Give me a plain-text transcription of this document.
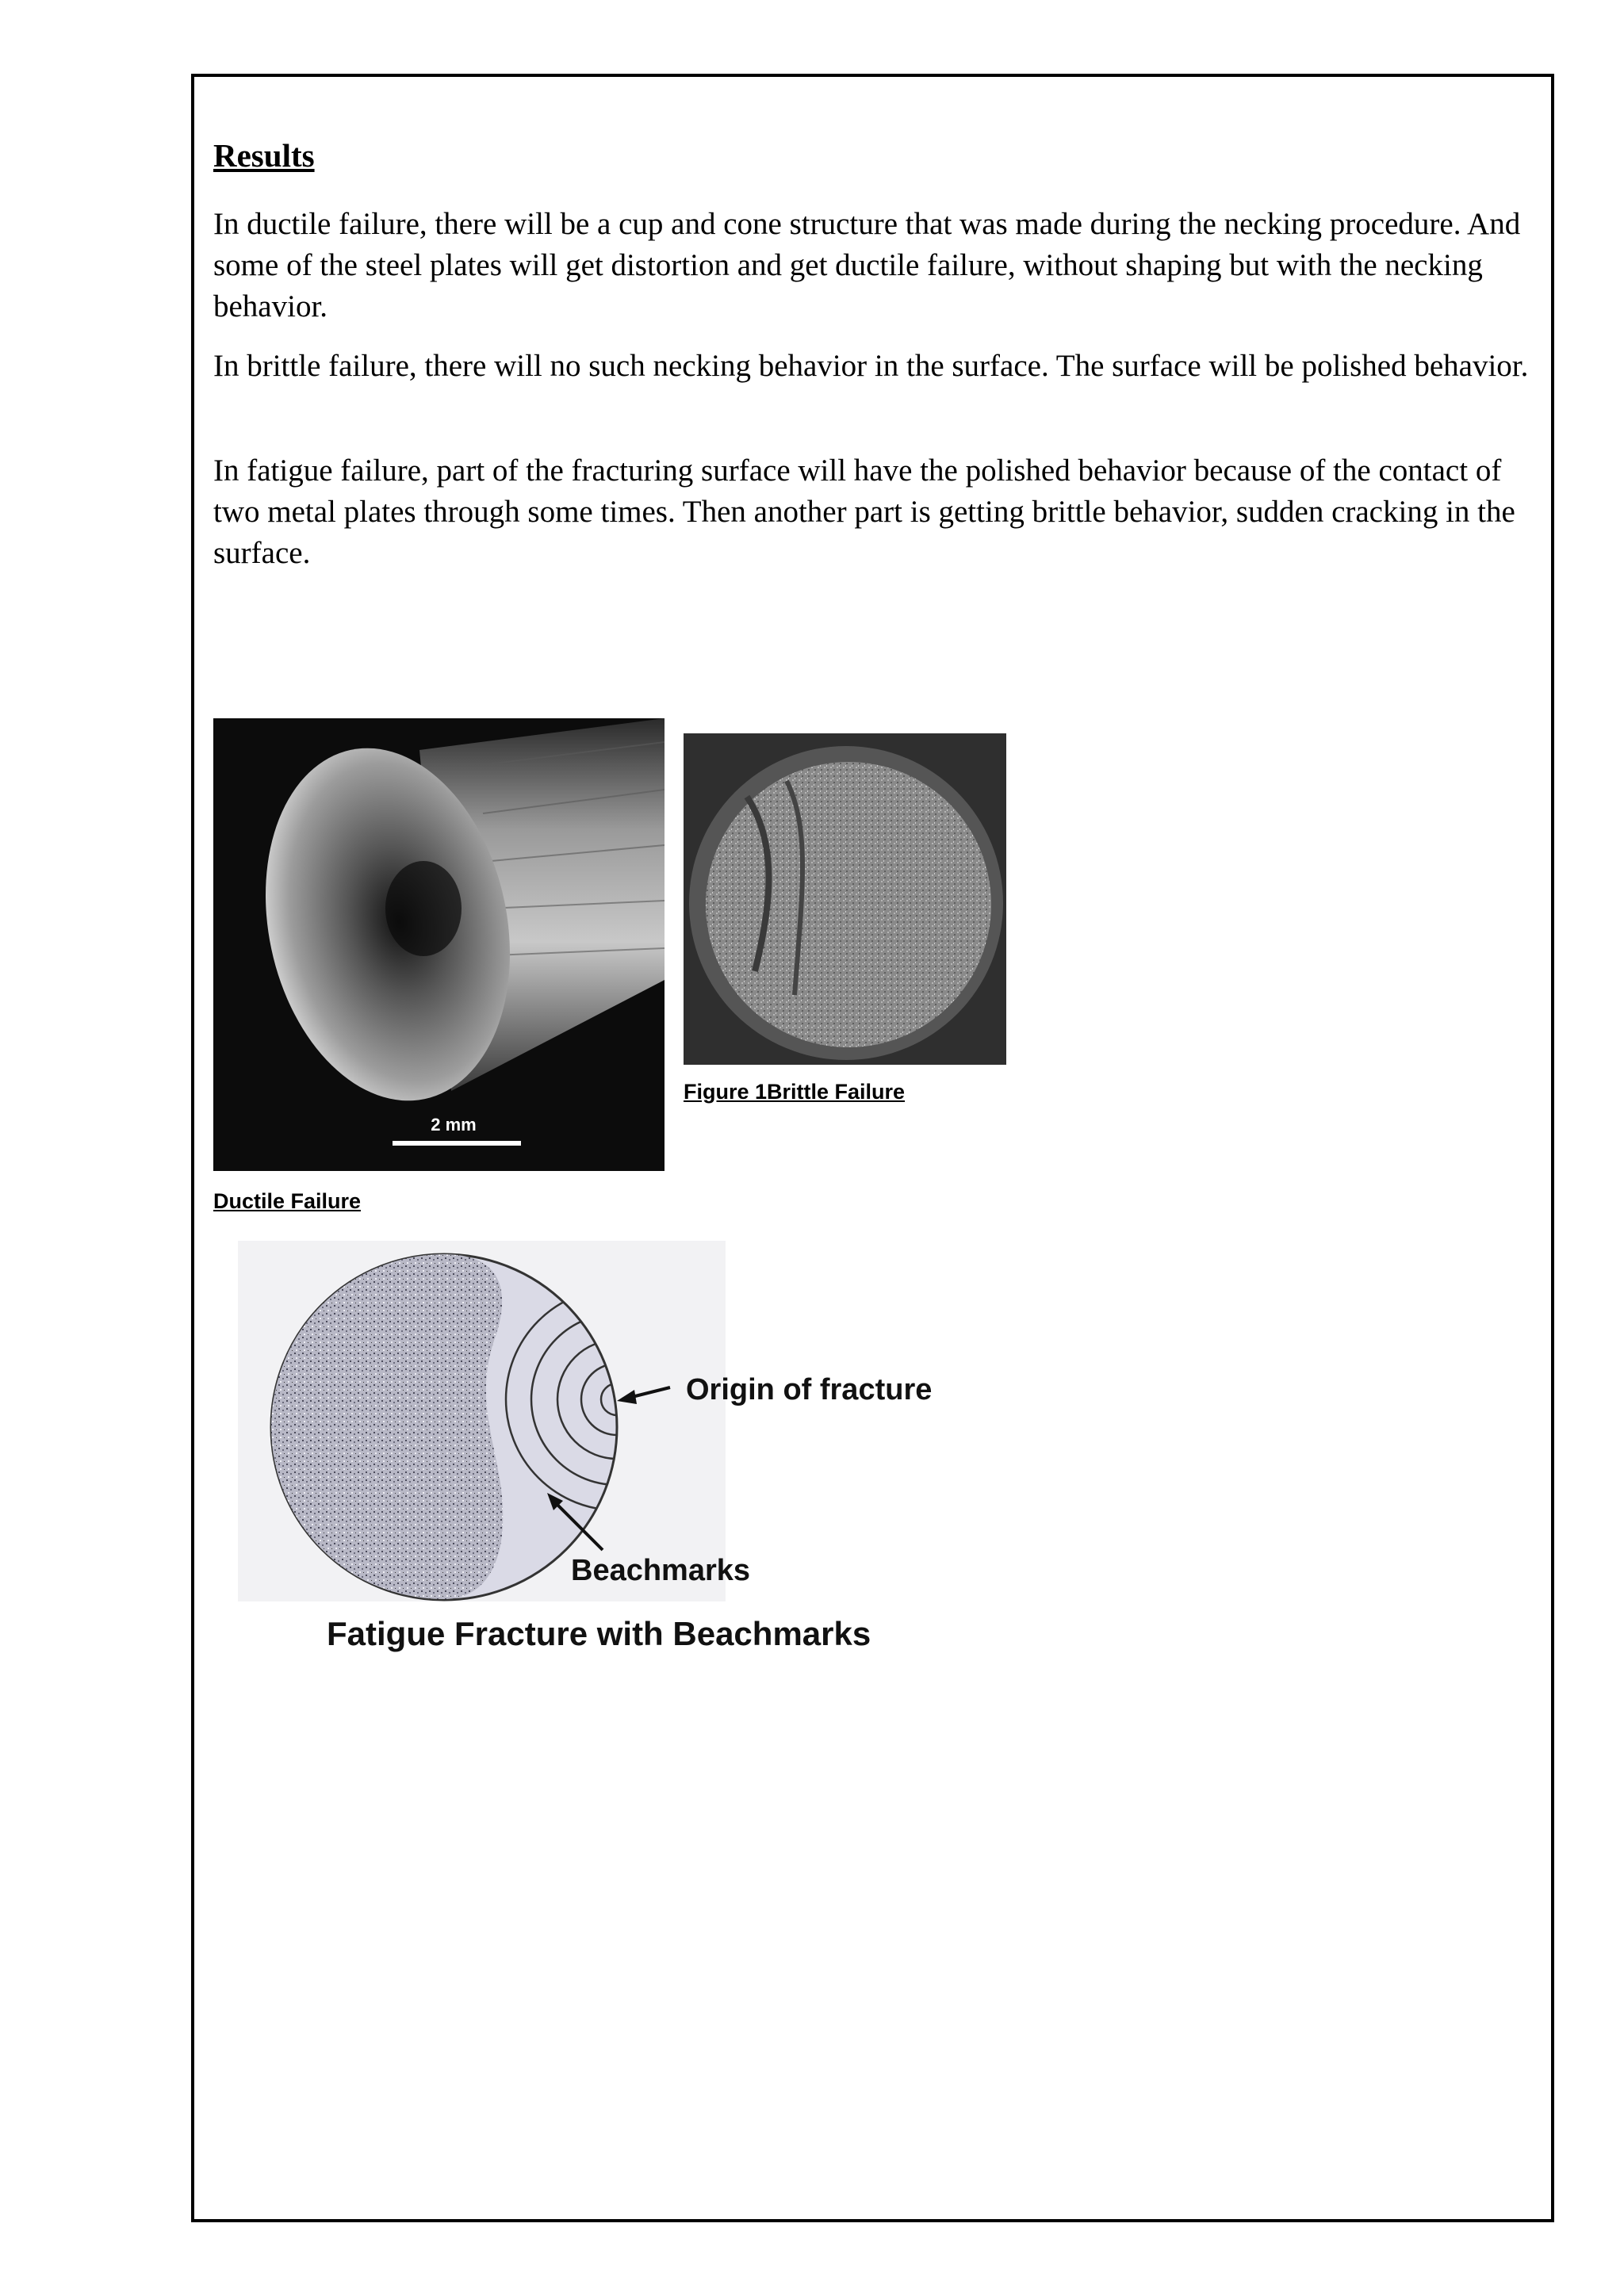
Results

In ductile failure, there will be a cup and cone structure that was made during the necking procedure. And some of the steel plates will get distortion and get ductile failure, without shaping but with the necking behavior.

In brittle failure, there will no such necking behavior in the surface. The surface will be polished behavior.

In fatigue failure, part of the fracturing surface will have the polished behavior because of the contact of two metal plates through some times. Then another part is getting brittle behavior, sudden cracking in the surface.

2 mm

Figure 1Brittle Failure

Ductile Failure

Origin of fracture
Beachmarks
Fatigue Fracture with Beachmarks
